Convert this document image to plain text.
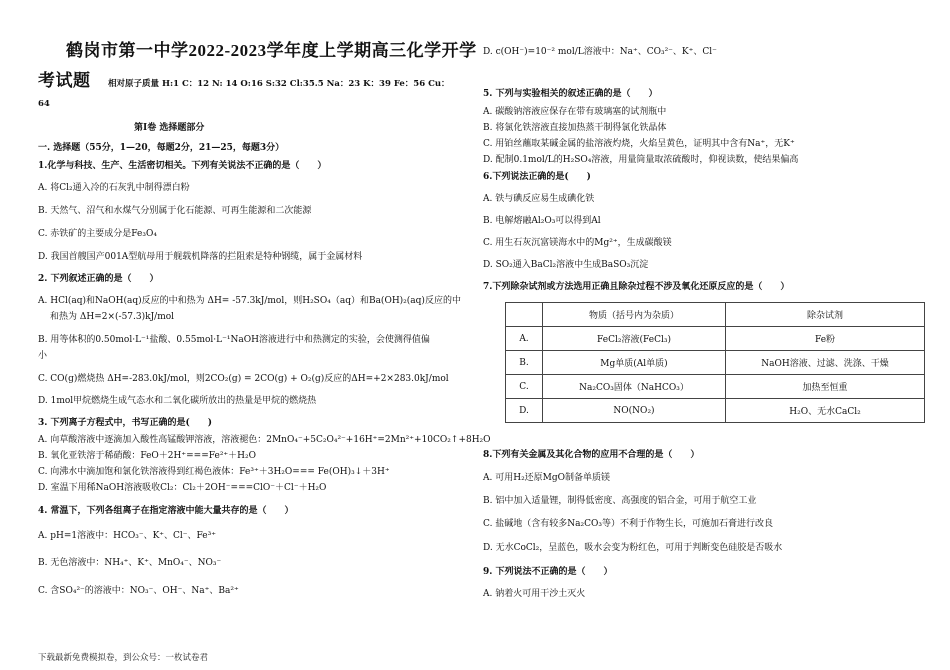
鹤岗市第一中学2022-2023学年度上学期高三化学开学
考试题 相对原子质量 H:1 C：12 N: 14 O:16 S:32 Cl:35.5 Na：23 K：39 Fe：56 Cu：
64
第Ⅰ卷 选择题部分
一. 选择题（55分，1—20，每题2分，21—25，每题3分）
1.化学与科技、生产、生活密切相关。下列有关说法不正确的是（　　）
A. 将Cl₂通入冷的石灰乳中制得漂白粉
B. 天然气、沼气和水煤气分别属于化石能源、可再生能源和二次能源
C. 赤铁矿的主要成分是Fe₃O₄
D. 我国首艘国产001A型航母用于舰载机降落的拦阻索是特种钢缆，属于金属材料
2. 下列叙述正确的是（　　）
A. HCl(aq)和NaOH(aq)反应的中和热为 ΔH= -57.3kJ/mol，则H₂SO₄（aq）和Ba(OH)₂(aq)反应的中
和热为 ΔH=2×(-57.3)kJ/mol
B. 用等体积的0.50mol·L⁻¹盐酸、0.55mol·L⁻¹NaOH溶液进行中和热测定的实验，会使测得值偏
小
C. CO(g)燃烧热 ΔH=-283.0kJ/mol，则2CO₂(g) = 2CO(g) + O₂(g)反应的ΔH=+2×283.0kJ/mol
D. 1mol甲烷燃烧生成气态水和二氧化碳所放出的热量是甲烷的燃烧热
3. 下列离子方程式中，书写正确的是(　　)
A. 向草酸溶液中逐滴加入酸性高锰酸钾溶液，溶液褪色：2MnO₄⁻+5C₂O₄²⁻+16H⁺=2Mn²⁺+10CO₂↑+8H₂O
B. 氧化亚铁溶于稀硝酸：FeO＋2H⁺===Fe²⁺＋H₂O
C. 向沸水中滴加饱和氯化铁溶液得到红褐色液体：Fe³⁺＋3H₂O=== Fe(OH)₃↓＋3H⁺
D. 室温下用稀NaOH溶液吸收Cl₂：Cl₂＋2OH⁻===ClO⁻＋Cl⁻＋H₂O
4. 常温下，下列各组离子在指定溶液中能大量共存的是（　　）
A. pH=1溶液中：HCO₃⁻、K⁺、Cl⁻、Fe³⁺
B. 无色溶液中：NH₄⁺、K⁺、MnO₄⁻、NO₃⁻
C. 含SO₄²⁻的溶液中：NO₃⁻、OH⁻、Na⁺、Ba²⁺
D. c(OH⁻)=10⁻² mol/L溶液中：Na⁺、CO₃²⁻、K⁺、Cl⁻
5. 下列与实验相关的叙述正确的是（　　）
A. 碳酸钠溶液应保存在带有玻璃塞的试剂瓶中
B. 将氯化铁溶液直接加热蒸干制得氯化铁晶体
C. 用铂丝蘸取某碱金属的盐溶液灼烧，火焰呈黄色，证明其中含有Na⁺，无K⁺
D. 配制0.1mol/L的H₂SO₄溶液，用量筒量取浓硫酸时，仰视读数，使结果偏高
6.下列说法正确的是(　　)
A. 铁与碘反应易生成碘化铁
B. 电解熔融Al₂O₃可以得到Al
C. 用生石灰沉富镁海水中的Mg²⁺，生成碳酸镁
D. SO₂通入BaCl₂溶液中生成BaSO₃沉淀
7.下列除杂试剂或方法选用正确且除杂过程不涉及氧化还原反应的是（　　）
	物质（括号内为杂质）	除杂试剂
A.	FeCl₂溶液(FeCl₃)	Fe粉
B.	Mg单质(Al单质)	NaOH溶液、过滤、洗涤、干燥
C.	Na₂CO₃固体（NaHCO₃）	加热至恒重
D.	NO(NO₂)	H₂O、无水CaCl₂
8.下列有关金属及其化合物的应用不合理的是（　　）
A. 可用H₂还原MgO制备单质镁
B. 铝中加入适量锂，制得低密度、高强度的铝合金，可用于航空工业
C. 盐碱地（含有较多Na₂CO₃等）不利于作物生长，可施加石膏进行改良
D. 无水CoCl₂，呈蓝色，吸水会变为粉红色，可用于判断变色硅胶是否吸水
9. 下列说法不正确的是（　　）
A. 钠着火可用干沙土灭火
下载最新免费模拟卷，到公众号：一枚试卷君
